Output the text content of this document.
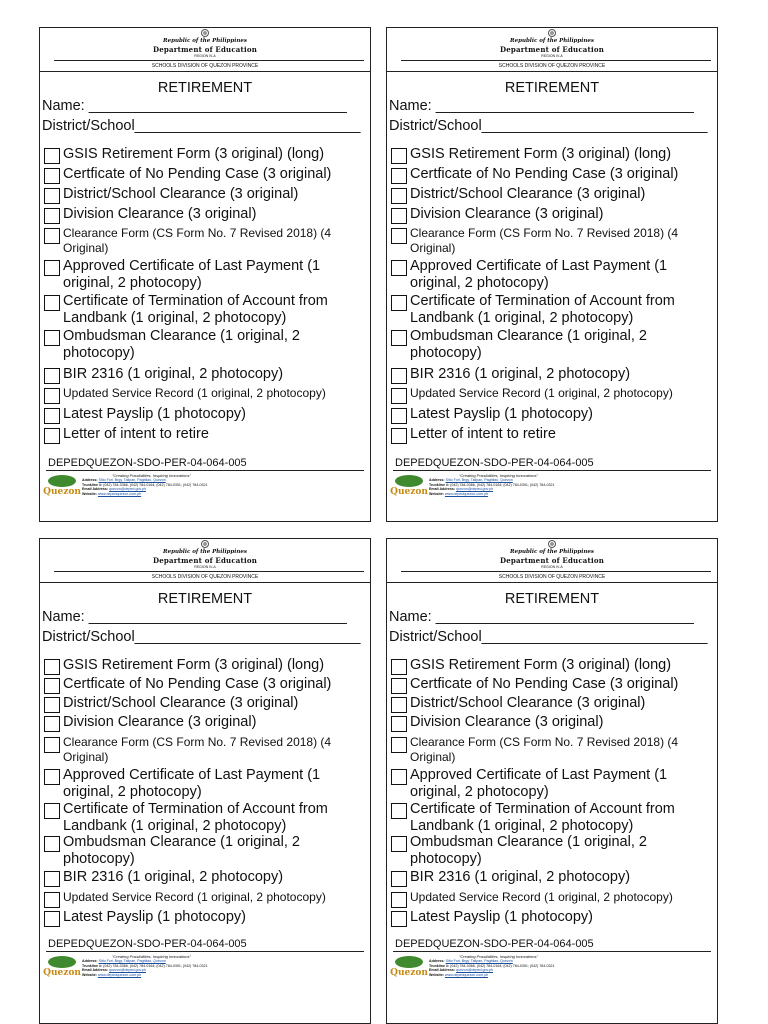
Republic of the Philippines
Department of Education
REGION IV-A
SCHOOLS DIVISION OF QUEZON PROVINCE
RETIREMENT
Name: ________________________________
District/School____________________________
GSIS Retirement Form (3 original) (long)
Certficate of No Pending Case (3 original)
District/School Clearance (3 original)
Division Clearance (3 original)
Clearance Form (CS Form No. 7 Revised 2018) (4 Original)
Approved Certificate of Last Payment (1 original, 2 photocopy)
Certificate of Termination of Account from Landbank (1 original, 2 photocopy)
Ombudsman Clearance (1 original, 2 photocopy)
BIR 2316 (1 original, 2 photocopy)
Updated Service Record (1 original, 2 photocopy)
Latest Payslip (1 photocopy)
Letter of intent to retire
DEPEDQUEZON-SDO-PER-04-064-005
Quezon
"Creating Possibilities, Inspiring Innovations"
Address: Sitio Fori, Brgy. Talipan, Pagbilao, Quezon
Trunkline #: (042) 784-0366, (042) 784-0164; (042) 784-0391; (042) 784-0321
Email Address: quezon@deped.gov.ph
Website: www.depedquezon.com.ph
Republic of the Philippines
Department of Education
REGION IV-A
SCHOOLS DIVISION OF QUEZON PROVINCE
RETIREMENT
Name: ________________________________
District/School____________________________
GSIS Retirement Form (3 original) (long)
Certficate of No Pending Case (3 original)
District/School Clearance (3 original)
Division Clearance (3 original)
Clearance Form (CS Form No. 7 Revised 2018) (4 Original)
Approved Certificate of Last Payment (1 original, 2 photocopy)
Certificate of Termination of Account from Landbank (1 original, 2 photocopy)
Ombudsman Clearance (1 original, 2 photocopy)
BIR 2316 (1 original, 2 photocopy)
Updated Service Record (1 original, 2 photocopy)
Latest Payslip (1 photocopy)
Letter of intent to retire
DEPEDQUEZON-SDO-PER-04-064-005
Quezon
"Creating Possibilities, Inspiring Innovations"
Address: Sitio Fori, Brgy. Talipan, Pagbilao, Quezon
Trunkline #: (042) 784-0366, (042) 784-0164; (042) 784-0391; (042) 784-0321
Email Address: quezon@deped.gov.ph
Website: www.depedquezon.com.ph
Republic of the Philippines
Department of Education
REGION IV-A
SCHOOLS DIVISION OF QUEZON PROVINCE
RETIREMENT
Name: ________________________________
District/School____________________________
GSIS Retirement Form (3 original) (long)
Certficate of No Pending Case (3 original)
District/School Clearance (3 original)
Division Clearance (3 original)
Clearance Form (CS Form No. 7 Revised 2018) (4 Original)
Approved Certificate of Last Payment (1 original, 2 photocopy)
Certificate of Termination of Account from Landbank (1 original, 2 photocopy)
Ombudsman Clearance (1 original, 2 photocopy)
BIR 2316 (1 original, 2 photocopy)
Updated Service Record (1 original, 2 photocopy)
Latest Payslip (1 photocopy)
DEPEDQUEZON-SDO-PER-04-064-005
Quezon
"Creating Possibilities, Inspiring Innovations"
Address: Sitio Fori, Brgy. Talipan, Pagbilao, Quezon
Trunkline #: (042) 784-0366, (042) 784-0164; (042) 784-0391; (042) 784-0321
Email Address: quezon@deped.gov.ph
Website: www.depedquezon.com.ph
Republic of the Philippines
Department of Education
REGION IV-A
SCHOOLS DIVISION OF QUEZON PROVINCE
RETIREMENT
Name: ________________________________
District/School____________________________
GSIS Retirement Form (3 original) (long)
Certficate of No Pending Case (3 original)
District/School Clearance (3 original)
Division Clearance (3 original)
Clearance Form (CS Form No. 7 Revised 2018) (4 Original)
Approved Certificate of Last Payment (1 original, 2 photocopy)
Certificate of Termination of Account from Landbank (1 original, 2 photocopy)
Ombudsman Clearance (1 original, 2 photocopy)
BIR 2316 (1 original, 2 photocopy)
Updated Service Record (1 original, 2 photocopy)
Latest Payslip (1 photocopy)
DEPEDQUEZON-SDO-PER-04-064-005
Quezon
"Creating Possibilities, Inspiring Innovations"
Address: Sitio Fori, Brgy. Talipan, Pagbilao, Quezon
Trunkline #: (042) 784-0366, (042) 784-0164; (042) 784-0391; (042) 784-0321
Email Address: quezon@deped.gov.ph
Website: www.depedquezon.com.ph
